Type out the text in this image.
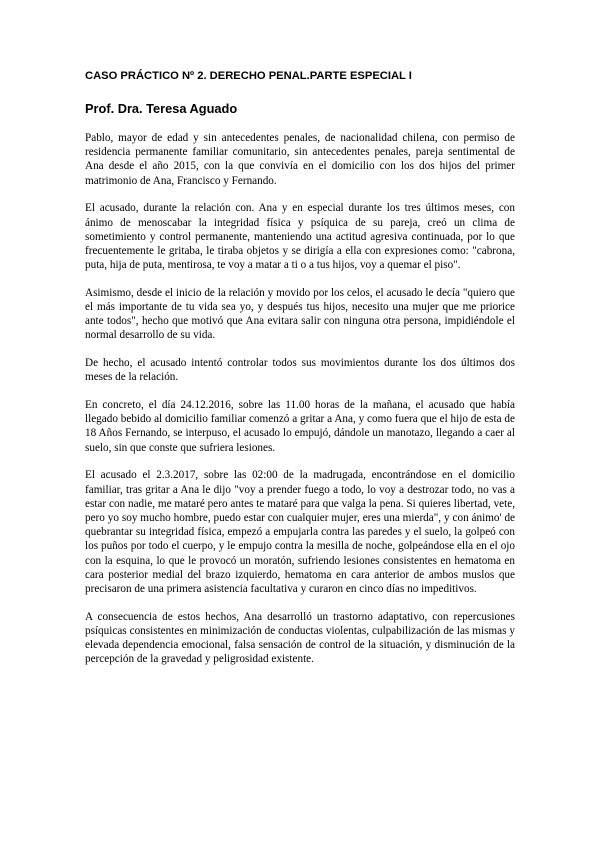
CASO PRÁCTICO Nº 2. DERECHO PENAL.PARTE ESPECIAL I
Prof. Dra. Teresa Aguado

Pablo, mayor de edad y sin antecedentes penales, de nacionalidad chilena, con permiso de residencia permanente familiar comunitario, sin antecedentes penales, pareja sentimental de Ana desde el año 2015, con la que convivía en el domicilio con los dos hijos del primer matrimonio de Ana, Francisco y Fernando.

El acusado, durante la relación con. Ana y en especial durante los tres últimos meses, con ánimo de menoscabar la integridad física y psíquica de su pareja, creó un clima de sometimiento y control permanente, manteniendo una actitud agresiva continuada, por lo que frecuentemente le gritaba, le tiraba objetos y se dirigía a ella con expresiones como: "cabrona, puta, hija de puta, mentirosa, te voy a matar a ti o a tus hijos, voy a quemar el piso".

Asimismo, desde el inicio de la relación y movido por los celos, el acusado le decía "quiero que el más importante de tu vida sea yo, y después tus hijos, necesito una mujer que me priorice ante todos", hecho que motivó que Ana evitara salir con ninguna otra persona, impidiéndole el normal desarrollo de su vida.

De hecho, el acusado intentó controlar todos sus movimientos durante los dos últimos dos meses de la relación.

En concreto, el día 24.12.2016, sobre las 11.00 horas de la mañana, el acusado que había llegado bebido al domicilio familiar comenzó a gritar a Ana, y como fuera que el hijo de esta de 18 Años Fernando, se interpuso, el acusado lo empujó, dándole un manotazo, llegando a caer al suelo, sin que conste que sufriera lesiones.

El acusado el 2.3.2017, sobre las 02:00 de la madrugada, encontrándose en el domicilio familiar, tras gritar a Ana le dijo "voy a prender fuego a todo, lo voy a destrozar todo, no vas a estar con nadie, me mataré pero antes te mataré para que valga la pena. Si quieres libertad, vete, pero yo soy mucho hombre, puedo estar con cualquier mujer, eres una mierda", y con ánimo' de quebrantar su integridad física, empezó a empujarla contra las paredes y el suelo, la golpeó con los puños por todo el cuerpo, y le empujo contra la mesilla de noche, golpeándose ella en el ojo con la esquina, lo que le provocó un moratón, sufriendo lesiones consistentes en hematoma en cara posterior medial del brazo izquierdo, hematoma en cara anterior de ambos muslos que precisaron de una primera asistencia facultativa y curaron en cinco días no impeditivos.

A consecuencia de estos hechos, Ana desarrolló un trastorno adaptativo, con repercusiones psíquicas consistentes en minimización de conductas violentas, culpabilización de las mismas y elevada dependencia emocional, falsa sensación de control de la situación, y disminución de la percepción de la gravedad y peligrosidad existente.
